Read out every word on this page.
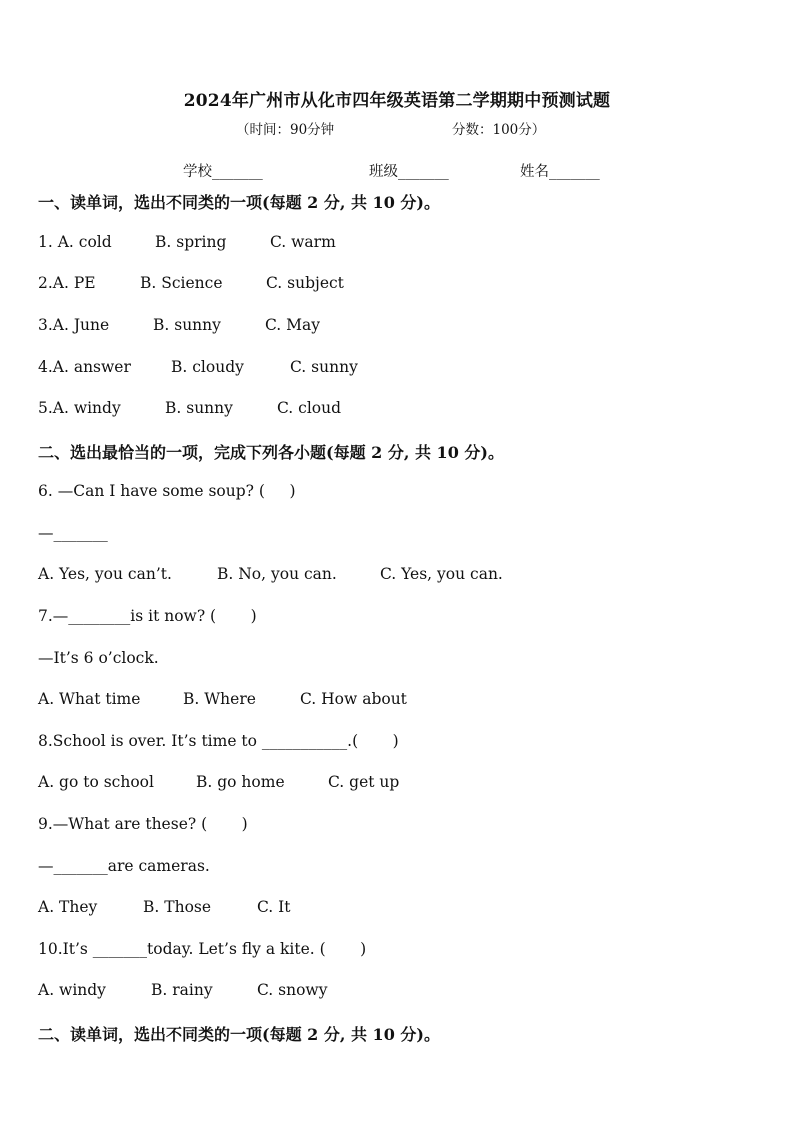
2024年广州市从化市四年级英语第二学期期中预测试题
（时间：90分钟	分数：100分）
学校_______	班级_______	姓名_______
一、读单词，选出不同类的一项(每题 2 分, 共 10 分)。
1. A. cold	B. spring	C. warm
2.A. PE	B. Science	C. subject
3.A. June	B. sunny	C. May
4.A. answer	B. cloudy	C. sunny
5.A. windy	B. sunny	C. cloud
二、选出最恰当的一项，完成下列各小题(每题 2 分, 共 10 分)。
6. —Can I have some soup? (     )
—_______
A. Yes, you can’t.	B. No, you can.	C. Yes, you can.
7.—________is it now? (       )
—It’s 6 o’clock.
A. What time	B. Where	C. How about
8.School is over. It’s time to ___________.(       )
A. go to school	B. go home	C. get up
9.—What are these? (       )
—_______are cameras.
A. They	B. Those	C. It
10.It’s _______today. Let’s fly a kite. (       )
A. windy	B. rainy	C. snowy
二、读单词，选出不同类的一项(每题 2 分, 共 10 分)。
